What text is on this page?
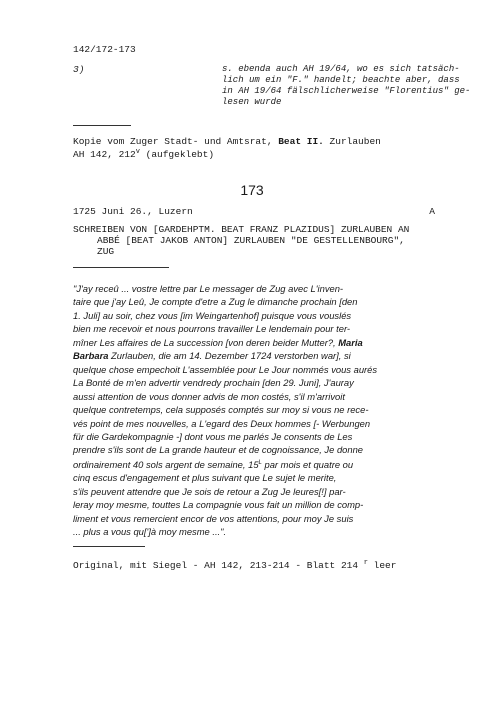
142/172-173
3)	s. ebenda auch AH 19/64, wo es sich tatsäch-
lich um ein "F." handelt; beachte aber, dass
in AH 19/64 fälschlicherweise "Florentius" ge-
lesen wurde
Kopie vom Zuger Stadt- und Amtsrat, Beat II. Zurlauben
AH 142, 212$^v$ (aufgeklebt)
173
1725 Juni 26., Luzern	A
SCHREIBEN VON [GARDEHPTM. BEAT FRANZ PLAZIDUS] ZURLAUBEN AN
ABBÉ [BEAT JAKOB ANTON] ZURLAUBEN "DE GESTELLENBOURG",
ZUG
"J'ay receû ... vostre lettre par Le messager de Zug avec L'inven-
taire que j'ay Leû, Je compte d'etre a Zug le dimanche prochain [den
1. Juli] au soir, chez vous [im Weingartenhof] puisque vous vouslés
bien me recevoir et nous pourrons travailler Le lendemain pour ter-
mîner Les affaires de La succession [von deren beider Mutter?, Maria
Barbara Zurlauben, die am 14. Dezember 1724 verstorben war], si
quelque chose empechoit L'assemblée pour Le Jour nommés vous aurés
La Bonté de m'en advertir vendredy prochain [den 29. Juni], J'auray
aussi attention de vous donner advis de mon costés, s'il m'arrivoit
quelque contretemps, cela supposés comptés sur moy si vous ne rece-
vés point de mes nouvelles, a L'egard des Deux hommes [- Werbungen
für die Gardekompagnie -] dont vous me parlés Je consents de Les
prendre s'ils sont de La grande hauteur et de cognoissance, Je donne
ordinairement 40 sols argent de semaine, $15^L$ par mois et quatre ou
cinq escus d'engagement et plus suivant que Le sujet le merite,
s'ils peuvent attendre que Je sois de retour a Zug Je leures[!] par-
leray moy mesme, touttes La compagnie vous fait un million de comp-
liment et vous remercient encor de vos attentions, pour moy Je suis
... plus a vous qu[']à moy mesme ...".
Original, mit Siegel - AH 142, 213-214 - Blatt 214 $^r$ leer
